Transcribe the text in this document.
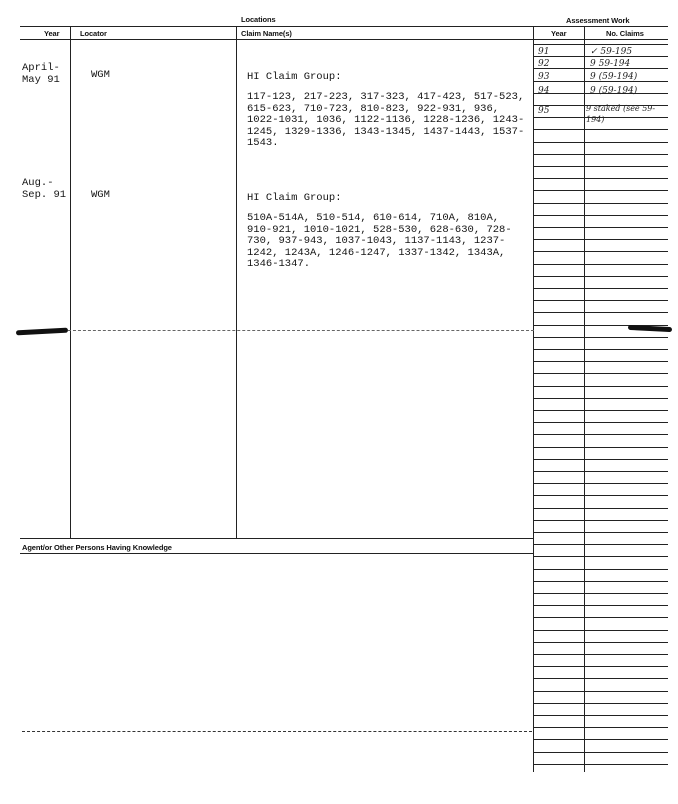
Locations	Assessment Work
Year	Locator	Claim Name(s)	Year	No. Claims
April-
May 91	WGM	HI Claim Group:
117-123, 217-223, 317-323, 417-423, 517-523,
615-623, 710-723, 810-823, 922-931, 936,
1022-1031, 1036, 1122-1136, 1228-1236, 1243-
1245, 1329-1336, 1343-1345, 1437-1443, 1537-
1543.
Aug.-
Sep. 91 WGM	HI Claim Group:
510A-514A, 510-514, 610-614, 710A, 810A,
910-921, 1010-1021, 528-530, 628-630, 728-
730, 937-943, 1037-1043, 1137-1143, 1237-
1242, 1243A, 1246-1247, 1337-1342, 1343A,
1346-1347.
91	✓ 59-195
92	9 59-194
93	9 (59-194)
94	9 (59-194)
95	9 staked (see 59-194)
Agent/or Other Persons Having Knowledge
